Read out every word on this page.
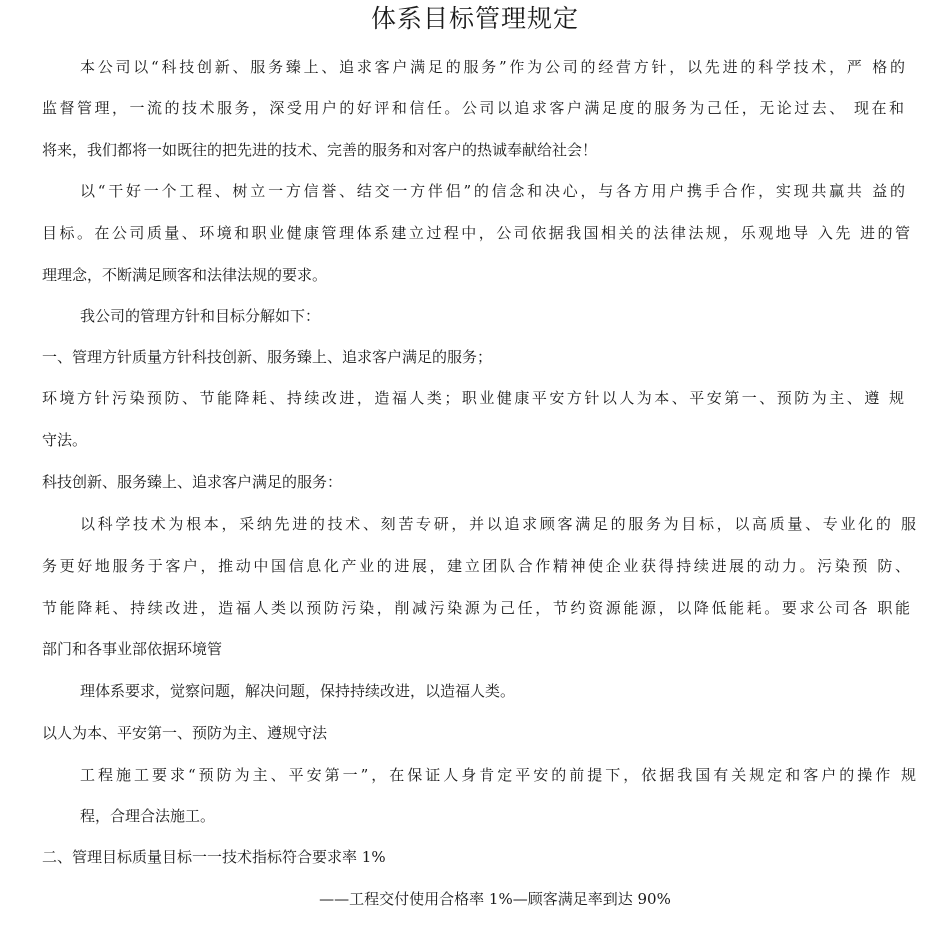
体系目标管理规定
本公司以“科技创新、服务臻上、追求客户满足的服务”作为公司的经营方针，以先进的科学技术，严 格的
监督管理，一流的技术服务，深受用户的好评和信任。公司以追求客户满足度的服务为己任，无论过去、 现在和
将来，我们都将一如既往的把先进的技术、完善的服务和对客户的热诚奉献给社会！
以“干好一个工程、树立一方信誉、结交一方伴侣”的信念和决心，与各方用户携手合作，实现共赢共 益的
目标。在公司质量、环境和职业健康管理体系建立过程中，公司依据我国相关的法律法规，乐观地导 入先 进的管
理理念，不断满足顾客和法律法规的要求。
我公司的管理方针和目标分解如下：
一、管理方针质量方针科技创新、服务臻上、追求客户满足的服务；
环境方针污染预防、节能降耗、持续改进，造福人类；职业健康平安方针以人为本、平安第一、预防为主、遵 规
守法。
科技创新、服务臻上、追求客户满足的服务：
以科学技术为根本，采纳先进的技术、刻苦专研，并以追求顾客满足的服务为目标，以高质量、专业化的 服
务更好地服务于客户，推动中国信息化产业的进展，建立团队合作精神使企业获得持续进展的动力。污染预 防、
节能降耗、持续改进，造福人类以预防污染，削减污染源为己任，节约资源能源，以降低能耗。要求公司各 职能
部门和各事业部依据环境管
理体系要求，觉察问题，解决问题，保持持续改进，以造福人类。
以人为本、平安第一、预防为主、遵规守法
工程施工要求“预防为主、平安第一”，在保证人身肯定平安的前提下，依据我国有关规定和客户的操作 规
程，合理合法施工。
二、管理目标质量目标一一技术指标符合要求率 1%
——工程交付使用合格率 1%—顾客满足率到达 90%
